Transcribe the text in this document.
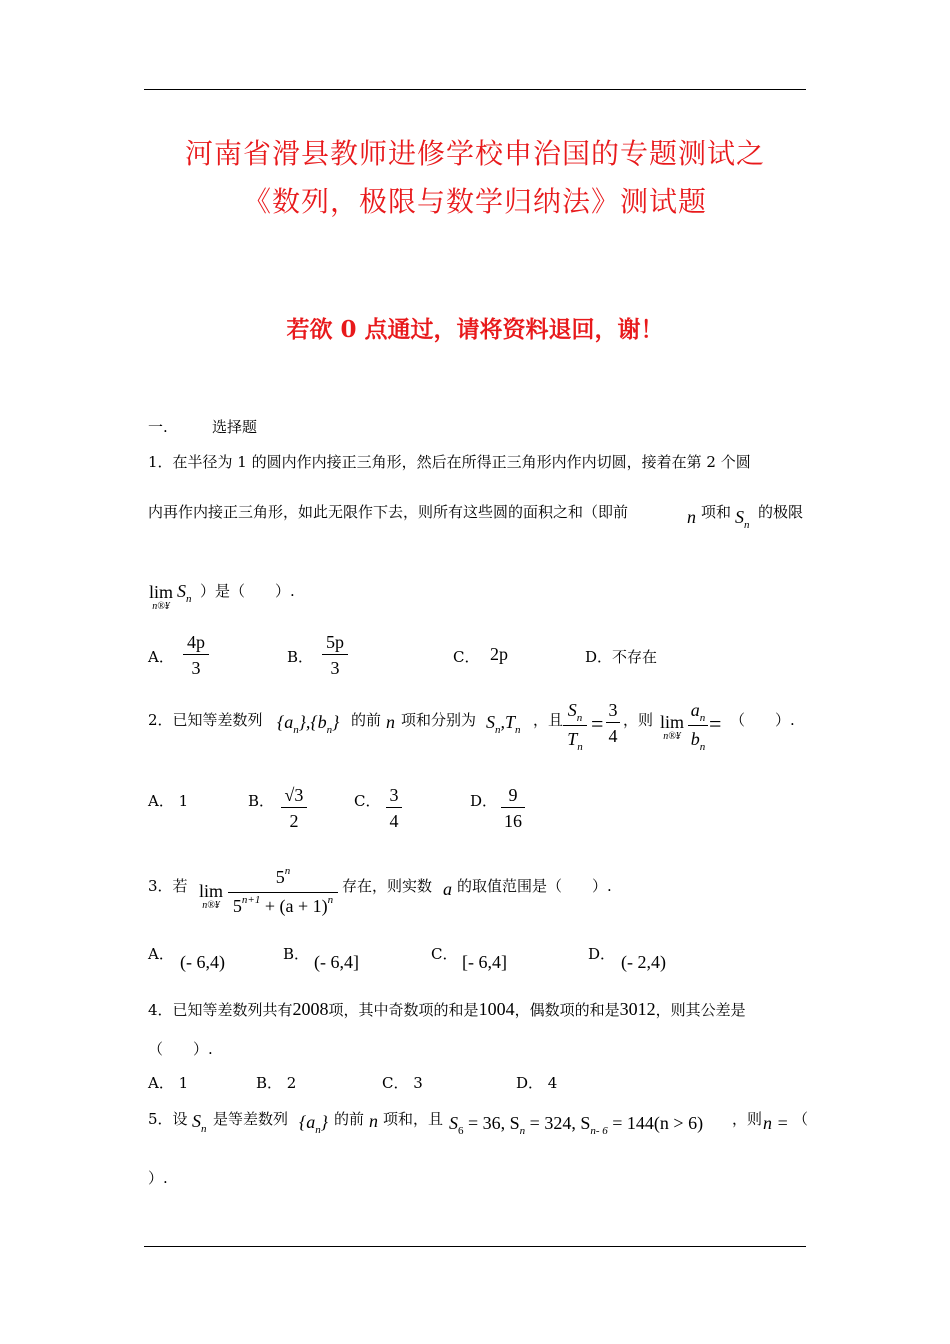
河南省滑县教师进修学校申治国的专题测试之
《数列，极限与数学归纳法》测试题
若欲 0 点通过，请将资料退回，谢！
一.	选择题
1．在半径为 1 的圆内作内接正三角形，然后在所得正三角形内作内切圆，接着在第 2 个圆
内再作内接正三角形，如此无限作下去，则所有这些圆的面积之和（即前	n 项和 $S_n$
的极限
lim
n®¥
$S_n$ ）是（　　）.
A．
4p
3
B．
5p
3
C． 2p	D．不存在
2．已知等差数列 $\{a_n\},\{b_n\}$ 的前 n 项和分别为 $S_n,T_n$
，且 $S_n$
$T_n$
=
3
4
，则 lim
n®¥
$a_n$
$b_n$
= （　　）.
A． 1	B． √3
2
C． 3
4
D． 9
16
3．若 lim
n®¥
5$^n$
$5^{n+1} + (a + 1)^n$
存在，则实数 a 的取值范围是（　　）.
A． (- 6,4)	B． (- 6,4]	C． [- 6,4]	D． (- 2,4)
4．已知等差数列共有2008项，其中奇数项的和是1004，偶数项的和是3012，则其公差是
（　　）.
A． 1	B． 2	C． 3	D． 4
5．设 $S_n$
是等差数列 $\{a_n\}$ 的前 n 项和，且 $S_6 = 36$, $S_n = 324$, $S_{n- 6} = 144(n > 6)$ ，则 n = （
）.
